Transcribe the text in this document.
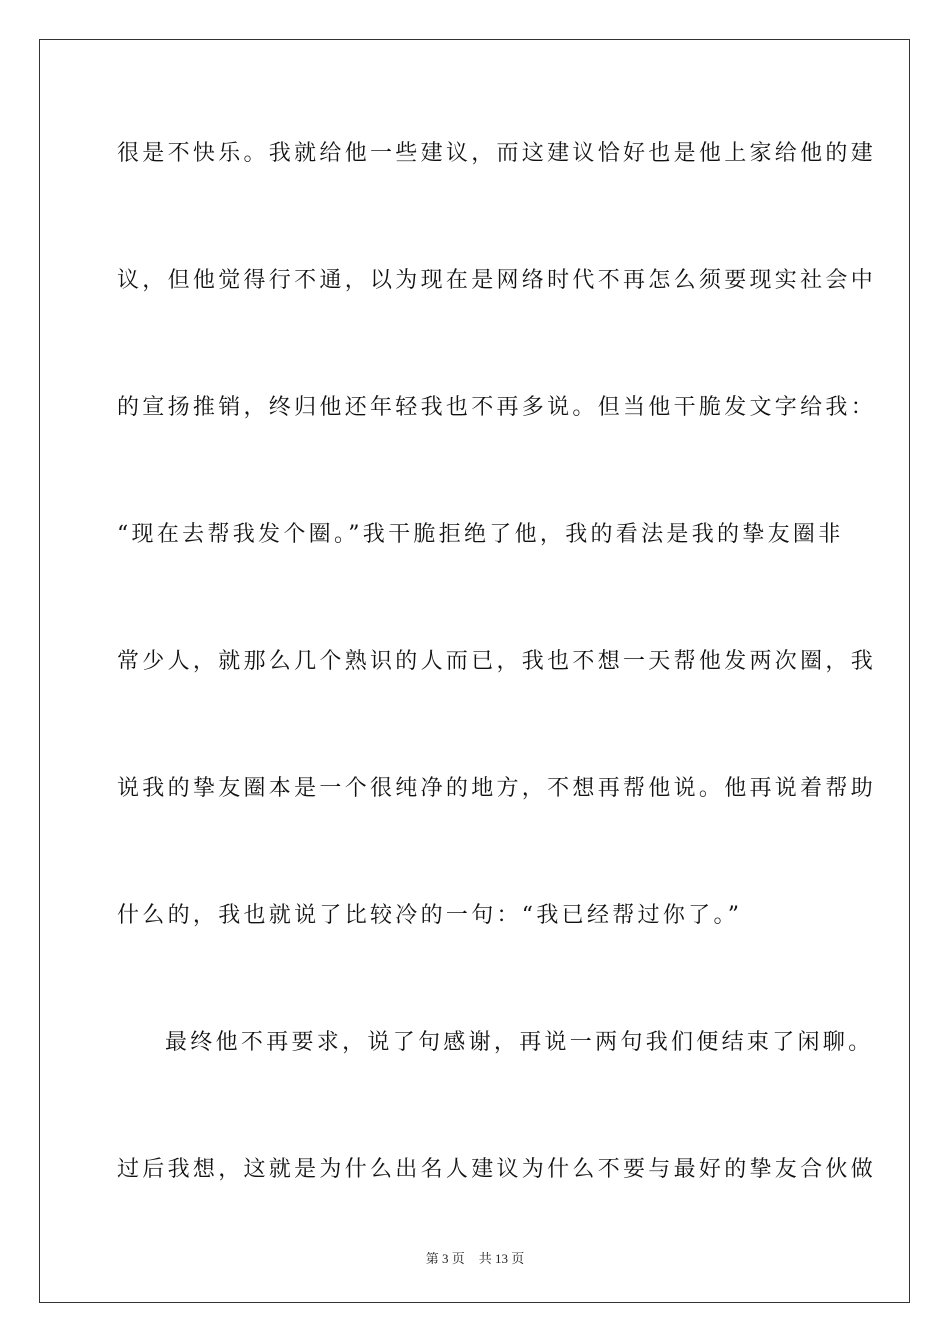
很是不快乐。我就给他一些建议，而这建议恰好也是他上家给他的建
议，但他觉得行不通，以为现在是网络时代不再怎么须要现实社会中
的宣扬推销，终归他还年轻我也不再多说。但当他干脆发文字给我：
“现在去帮我发个圈。”我干脆拒绝了他，我的看法是我的挚友圈非
常少人，就那么几个熟识的人而已，我也不想一天帮他发两次圈，我
说我的挚友圈本是一个很纯净的地方，不想再帮他说。他再说着帮助
什么的，我也就说了比较冷的一句：“我已经帮过你了。”
最终他不再要求，说了句感谢，再说一两句我们便结束了闲聊。
过后我想，这就是为什么出名人建议为什么不要与最好的挚友合伙做
第 3 页 共 13 页
